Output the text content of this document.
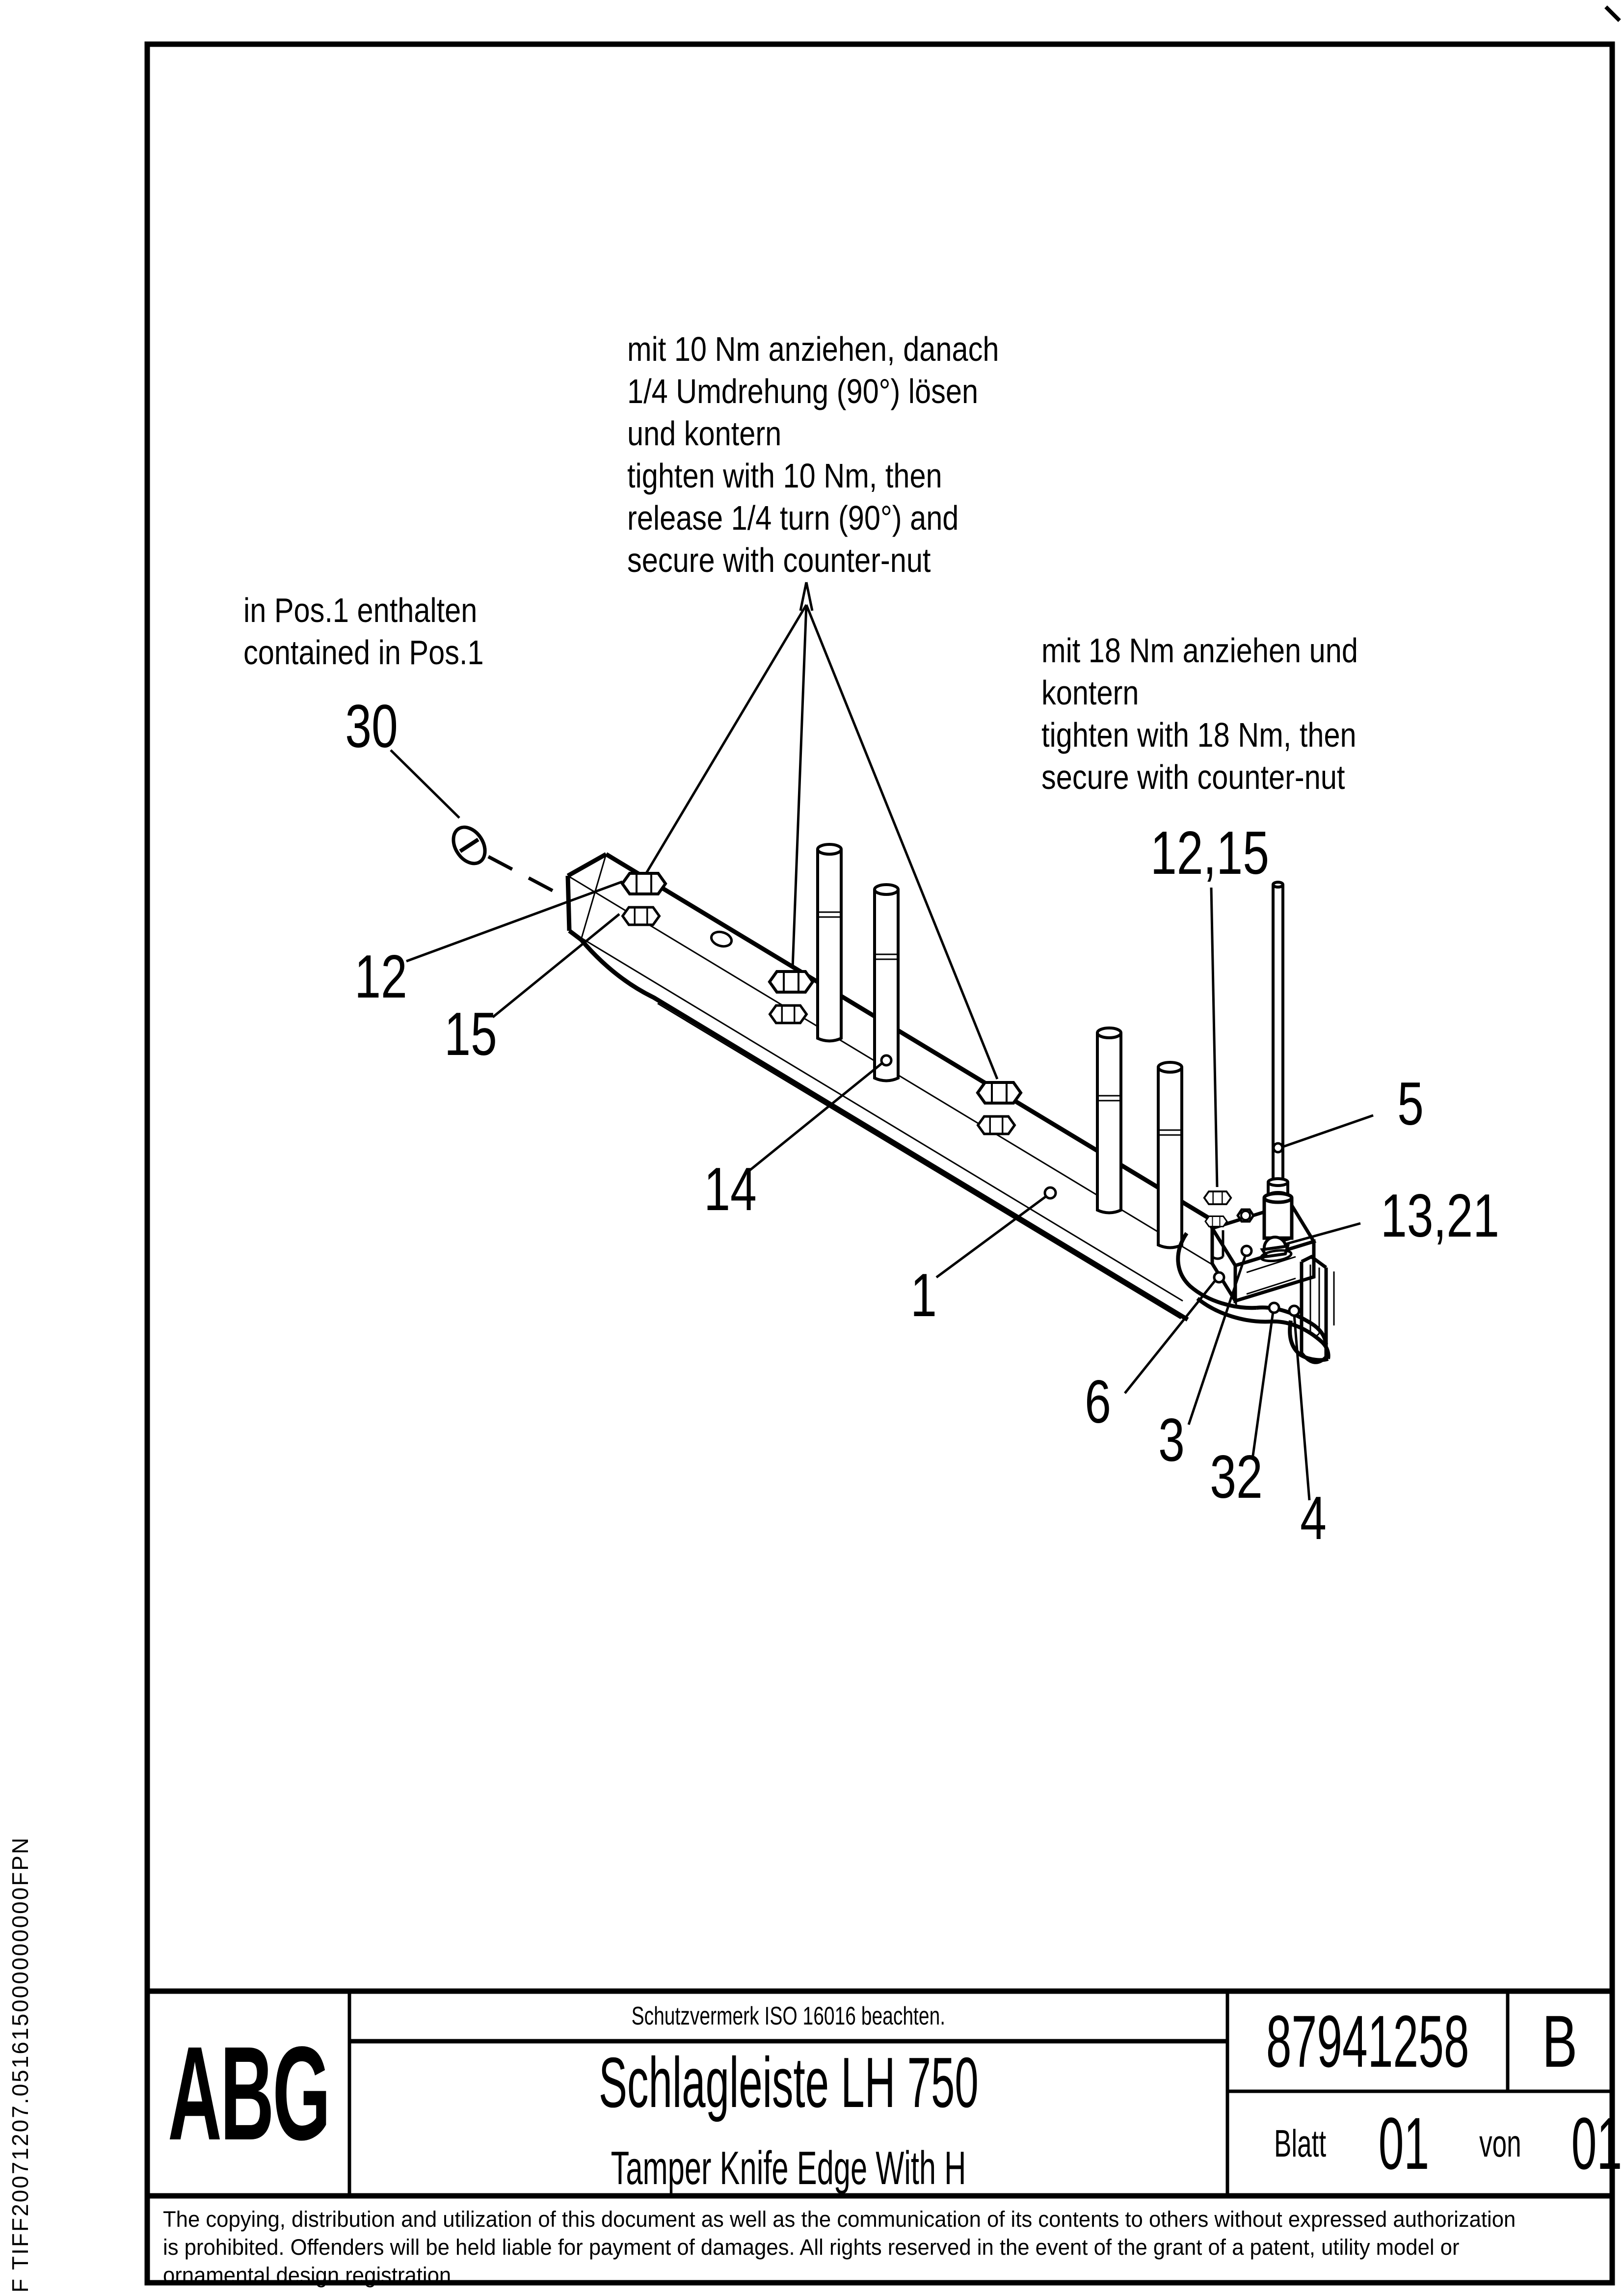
F TIFF20071207.051615000000000FPN
mit 10 Nm anziehen, danach
1/4 Umdrehung (90°) lösen
und kontern
tighten with 10 Nm, then
release 1/4 turn (90°) and
secure with counter-nut
in Pos.1 enthalten
contained in Pos.1	mit 18 Nm anziehen und
kontern
tighten with 18 Nm, then
secure with counter-nut
30
12
15
14
1
12,15
5
13,21
6
3
32
4
ABG
Schutzvermerk ISO 16016 beachten.
Schlagleiste LH 750
Tamper Knife Edge With H
87941258 B
Blatt 01 von 01
The copying, distribution and utilization of this document as well as the communication of its contents to others without expressed authorization
is prohibited. Offenders will be held liable for payment of damages. All rights reserved in the event of the grant of a patent, utility model or
ornamental design registration.
